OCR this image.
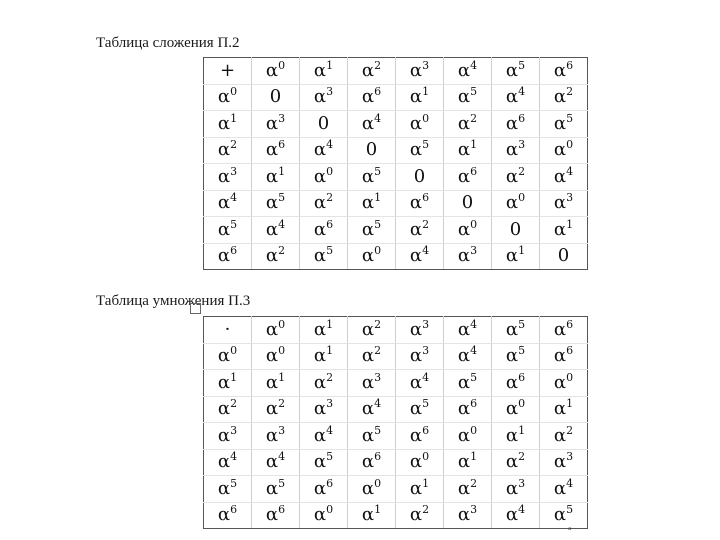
Таблица сложения П.2
+	$\alpha^0$	$\alpha^1$	$\alpha^2$	$\alpha^3$	$\alpha^4$	$\alpha^5$	$\alpha^6$
$\alpha^0$	0	$\alpha^3$	$\alpha^6$	$\alpha^1$	$\alpha^5$	$\alpha^4$	$\alpha^2$
$\alpha^1$	$\alpha^3$	0	$\alpha^4$	$\alpha^0$	$\alpha^2$	$\alpha^6$	$\alpha^5$
$\alpha^2$	$\alpha^6$	$\alpha^4$	0	$\alpha^5$	$\alpha^1$	$\alpha^3$	$\alpha^0$
$\alpha^3$	$\alpha^1$	$\alpha^0$	$\alpha^5$	0	$\alpha^6$	$\alpha^2$	$\alpha^4$
$\alpha^4$	$\alpha^5$	$\alpha^2$	$\alpha^1$	$\alpha^6$	0	$\alpha^0$	$\alpha^3$
$\alpha^5$	$\alpha^4$	$\alpha^6$	$\alpha^5$	$\alpha^2$	$\alpha^0$	0	$\alpha^1$
$\alpha^6$	$\alpha^2$	$\alpha^5$	$\alpha^0$	$\alpha^4$	$\alpha^3$	$\alpha^1$	0
Таблица умножения П.3
·	$\alpha^0$	$\alpha^1$	$\alpha^2$	$\alpha^3$	$\alpha^4$	$\alpha^5$	$\alpha^6$
$\alpha^0$	$\alpha^0$	$\alpha^1$	$\alpha^2$	$\alpha^3$	$\alpha^4$	$\alpha^5$	$\alpha^6$
$\alpha^1$	$\alpha^1$	$\alpha^2$	$\alpha^3$	$\alpha^4$	$\alpha^5$	$\alpha^6$	$\alpha^0$
$\alpha^2$	$\alpha^2$	$\alpha^3$	$\alpha^4$	$\alpha^5$	$\alpha^6$	$\alpha^0$	$\alpha^1$
$\alpha^3$	$\alpha^3$	$\alpha^4$	$\alpha^5$	$\alpha^6$	$\alpha^0$	$\alpha^1$	$\alpha^2$
$\alpha^4$	$\alpha^4$	$\alpha^5$	$\alpha^6$	$\alpha^0$	$\alpha^1$	$\alpha^2$	$\alpha^3$
$\alpha^5$	$\alpha^5$	$\alpha^6$	$\alpha^0$	$\alpha^1$	$\alpha^2$	$\alpha^3$	$\alpha^4$
$\alpha^6$	$\alpha^6$	$\alpha^0$	$\alpha^1$	$\alpha^2$	$\alpha^3$	$\alpha^4$	$\alpha^5$
▫
